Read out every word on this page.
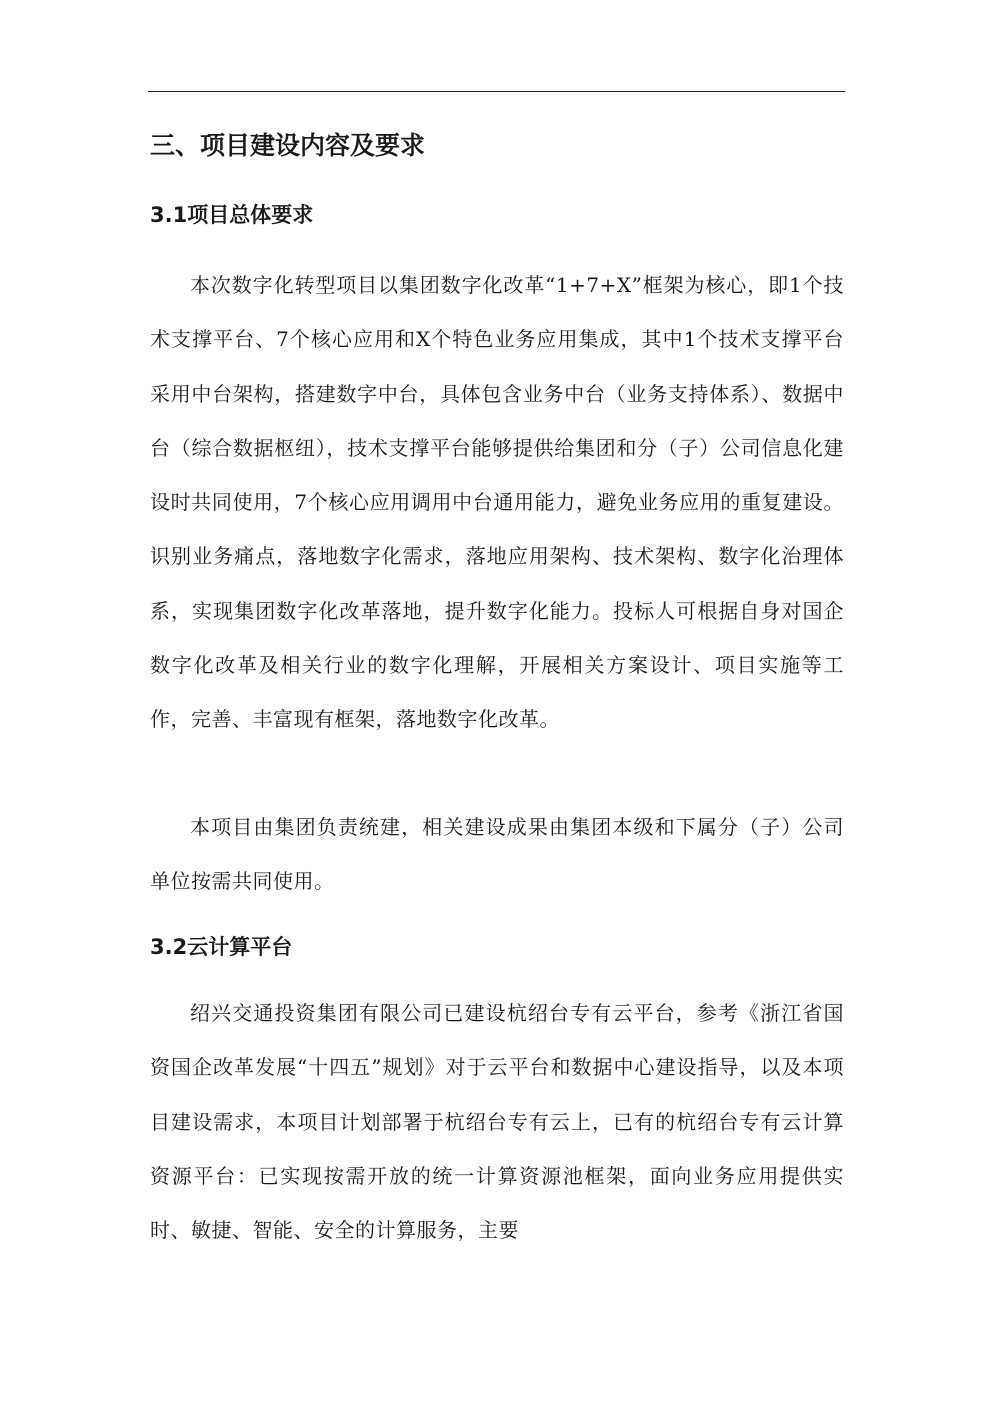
三、项目建设内容及要求
3.1项目总体要求

本次数字化转型项目以集团数字化改革“1+7+X”框架为核心，即1个技术支撑平台、7个核心应用和X个特色业务应用集成，其中1个技术支撑平台采用中台架构，搭建数字中台，具体包含业务中台（业务支持体系）、数据中台（综合数据枢纽），技术支撑平台能够提供给集团和分（子）公司信息化建设时共同使用，7个核心应用调用中台通用能力，避免业务应用的重复建设。识别业务痛点，落地数字化需求，落地应用架构、技术架构、数字化治理体系，实现集团数字化改革落地，提升数字化能力。投标人可根据自身对国企数字化改革及相关行业的数字化理解，开展相关方案设计、项目实施等工作，完善、丰富现有框架，落地数字化改革。

本项目由集团负责统建，相关建设成果由集团本级和下属分（子）公司单位按需共同使用。

3.2云计算平台

绍兴交通投资集团有限公司已建设杭绍台专有云平台，参考《浙江省国资国企改革发展“十四五”规划》对于云平台和数据中心建设指导，以及本项目建设需求，本项目计划部署于杭绍台专有云上，已有的杭绍台专有云计算资源平台：已实现按需开放的统一计算资源池框架，面向业务应用提供实时、敏捷、智能、安全的计算服务，主要
